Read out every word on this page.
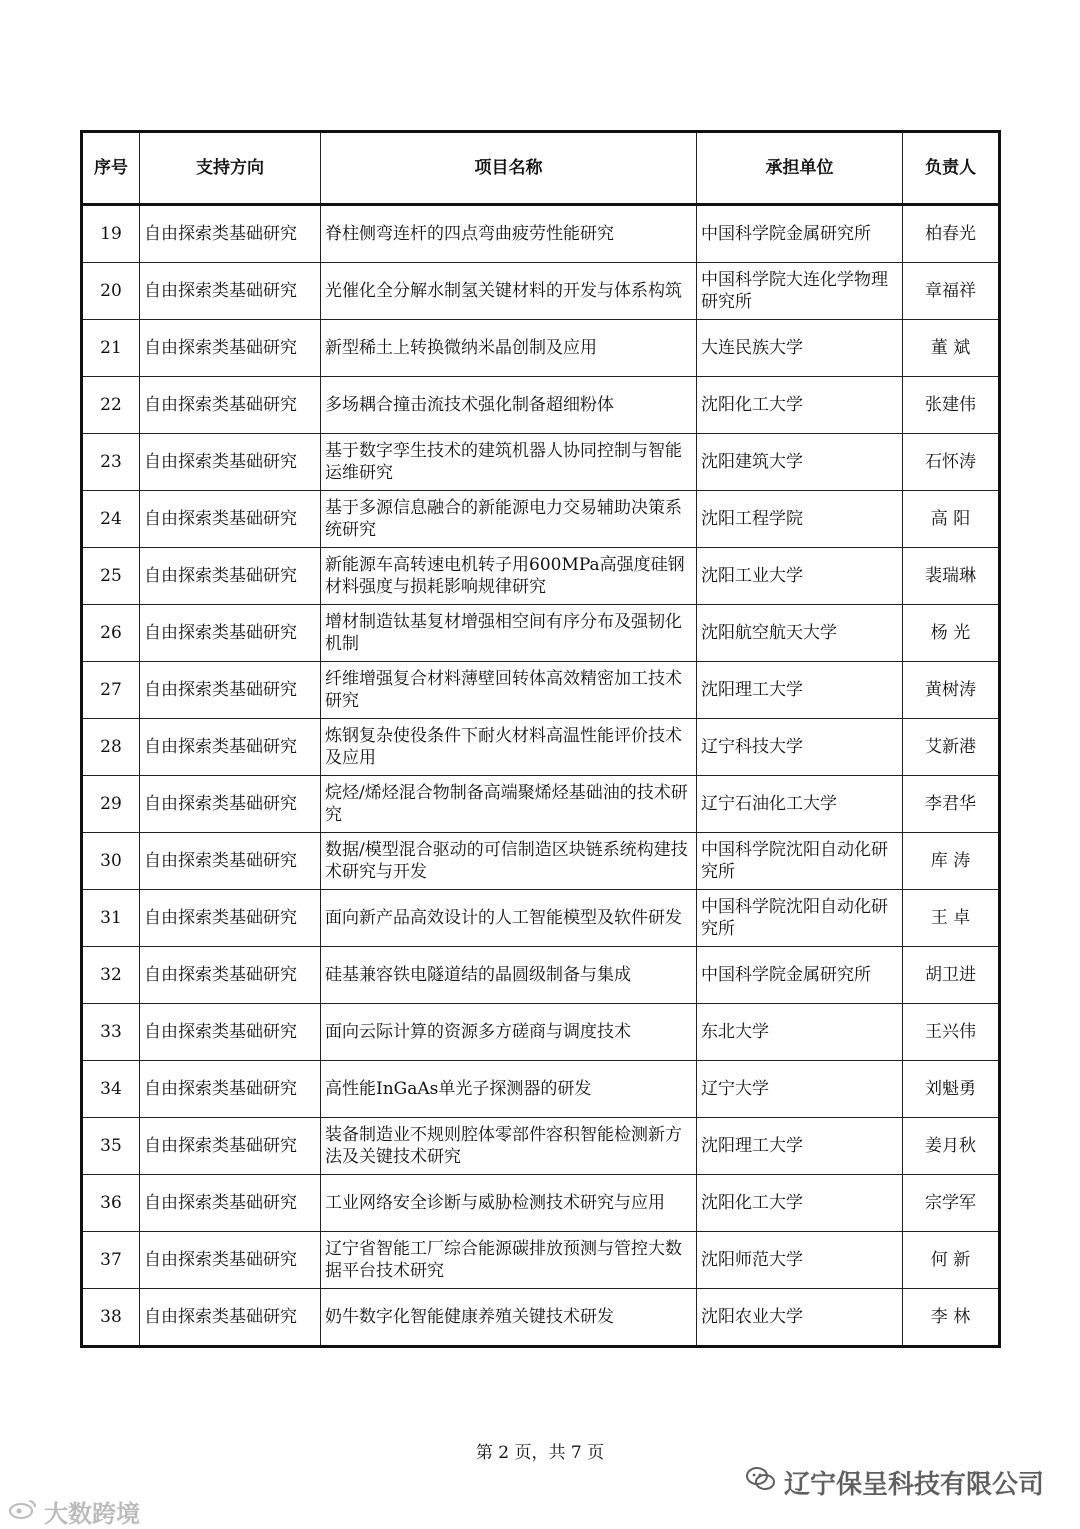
序号	支持方向	项目名称	承担单位	负责人
19	自由探索类基础研究	脊柱侧弯连杆的四点弯曲疲劳性能研究	中国科学院金属研究所	柏春光
20	自由探索类基础研究	光催化全分解水制氢关键材料的开发与体系构筑	中国科学院大连化学物理研究所	章福祥
21	自由探索类基础研究	新型稀土上转换微纳米晶创制及应用	大连民族大学	董 斌
22	自由探索类基础研究	多场耦合撞击流技术强化制备超细粉体	沈阳化工大学	张建伟
23	自由探索类基础研究	基于数字孪生技术的建筑机器人协同控制与智能运维研究	沈阳建筑大学	石怀涛
24	自由探索类基础研究	基于多源信息融合的新能源电力交易辅助决策系统研究	沈阳工程学院	高 阳
25	自由探索类基础研究	新能源车高转速电机转子用600MPa高强度硅钢材料强度与损耗影响规律研究	沈阳工业大学	裴瑞琳
26	自由探索类基础研究	增材制造钛基复材增强相空间有序分布及强韧化机制	沈阳航空航天大学	杨 光
27	自由探索类基础研究	纤维增强复合材料薄壁回转体高效精密加工技术研究	沈阳理工大学	黄树涛
28	自由探索类基础研究	炼钢复杂使役条件下耐火材料高温性能评价技术及应用	辽宁科技大学	艾新港
29	自由探索类基础研究	烷烃/烯烃混合物制备高端聚烯烃基础油的技术研究	辽宁石油化工大学	李君华
30	自由探索类基础研究	数据/模型混合驱动的可信制造区块链系统构建技术研究与开发	中国科学院沈阳自动化研究所	库 涛
31	自由探索类基础研究	面向新产品高效设计的人工智能模型及软件研发	中国科学院沈阳自动化研究所	王 卓
32	自由探索类基础研究	硅基兼容铁电隧道结的晶圆级制备与集成	中国科学院金属研究所	胡卫进
33	自由探索类基础研究	面向云际计算的资源多方磋商与调度技术	东北大学	王兴伟
34	自由探索类基础研究	高性能InGaAs单光子探测器的研发	辽宁大学	刘魁勇
35	自由探索类基础研究	装备制造业不规则腔体零部件容积智能检测新方法及关键技术研究	沈阳理工大学	姜月秋
36	自由探索类基础研究	工业网络安全诊断与威胁检测技术研究与应用	沈阳化工大学	宗学军
37	自由探索类基础研究	辽宁省智能工厂综合能源碳排放预测与管控大数据平台技术研究	沈阳师范大学	何 新
38	自由探索类基础研究	奶牛数字化智能健康养殖关键技术研发	沈阳农业大学	李 林
第 2 页，共 7 页
辽宁保呈科技有限公司
大数跨境
